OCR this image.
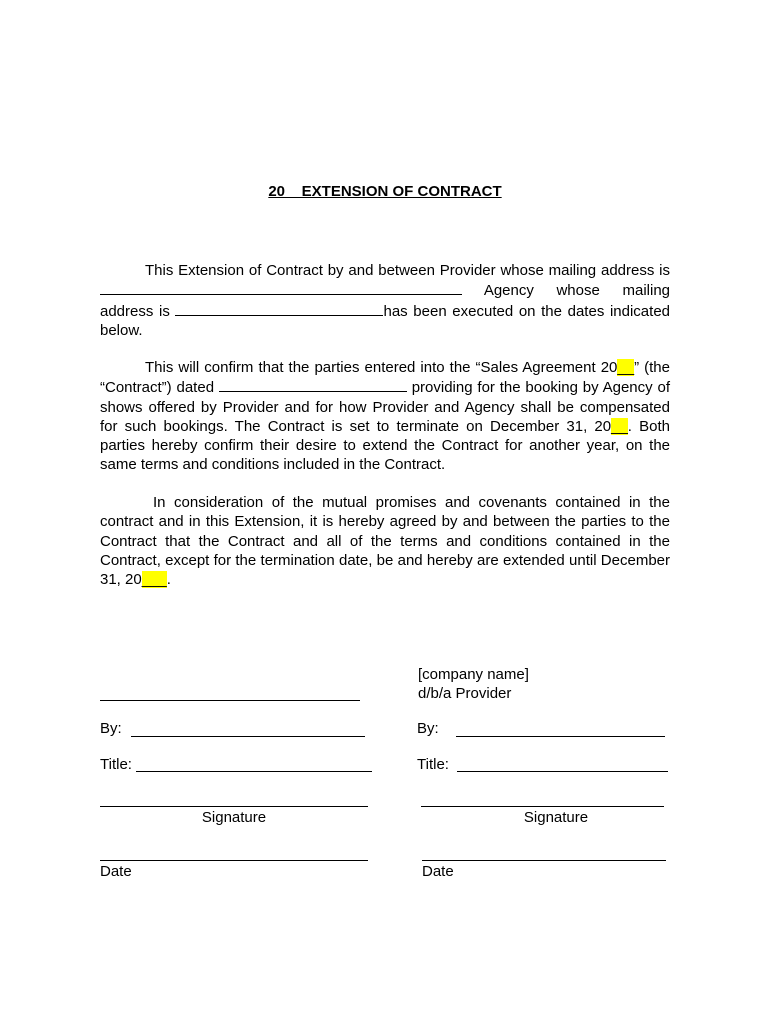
20    EXTENSION OF CONTRACT
This Extension of Contract by and between Provider whose mailing address is  Agency whose mailing address is	has been executed on the dates indicated below.
This will confirm that the parties entered into the “Sales Agreement 20__” (the “Contract”) dated	providing for the booking by Agency of shows offered by Provider and for how Provider and Agency shall be compensated for such bookings. The Contract is set to terminate on December 31, 20__. Both parties hereby confirm their desire to extend the Contract for another year, on the same terms and conditions included in the Contract.
In consideration of the mutual promises and covenants contained in the contract and in this Extension, it is hereby agreed by and between the parties to the Contract that the Contract and all of the terms and conditions contained in the Contract, except for the termination date, be and hereby are extended until December 31, 20___.
[company name]
d/b/a Provider
By:	By:
Title:	Title:
Signature	Signature
Date	Date
